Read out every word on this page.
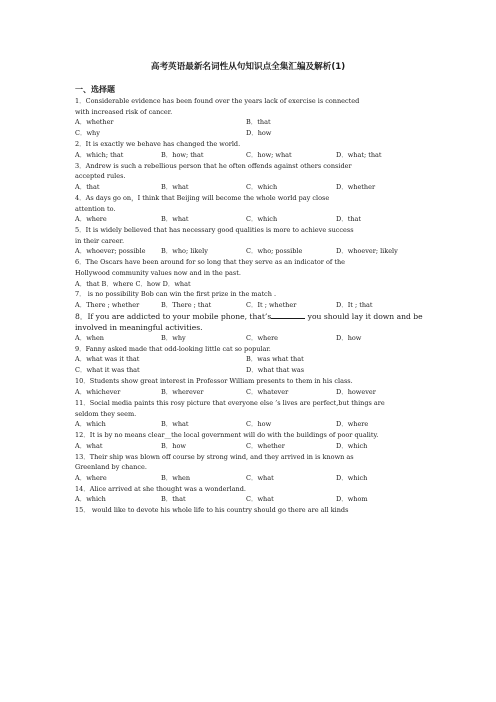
高考英语最新名词性从句知识点全集汇编及解析(1)
一、选择题
1．Considerable evidence has been found over the years lack of exercise is connected
with increased risk of cancer.
A．whether	B．that
C．why	D．how
2．It is exactly we behave has changed the world.
A．which; that	B．how; that	C．how; what	D．what; that
3．Andrew is such a rebellious person that he often offends against others consider
accepted rules.
A．that	B．what	C．which	D．whether
4．As days go on，I think that Beijing will become the whole world pay close
attention to.
A．where	B．what	C．which	D．that
5．It is widely believed that has necessary good qualities is more to achieve success
in their career.
A．whoever; possible B．who; likely	C．who; possible	D．whoever; likely
6．The Oscars have been around for so long that they serve as an indicator of the
Hollywood community values now and in the past.
A．that B．where C．how D．what
7． is no possibility Bob can win the first prize in the match .
A．There ; whether	B．There ; that	C．It ; whether	D．It ; that
8．If you are addicted to your mobile phone, that’s	you should lay it down and be
involved in meaningful activities.
A．when	B．why	C．where	D．how
9．Fanny asked made that odd-looking little cat so popular.
A．what was it that	B．was what that
C．what it was that	D．what that was
10．Students show great interest in Professor William presents to them in his class.
A．whichever	B．wherever	C．whatever	D．however
11．Social media paints this rosy picture that everyone else ’s lives are perfect,but things are
seldom they seem.
A．which	B．what	C．how	D．where
12．It is by no means clear__the local government will do with the buildings of poor quality.
A．what	B．how	C．whether	D．which
13．Their ship was blown off course by strong wind, and they arrived in is known as
Greenland by chance.
A．where	B．when	C．what	D．which
14．Alice arrived at she thought was a wonderland.
A．which	B．that	C．what	D．whom
15． would like to devote his whole life to his country should go there are all kinds
